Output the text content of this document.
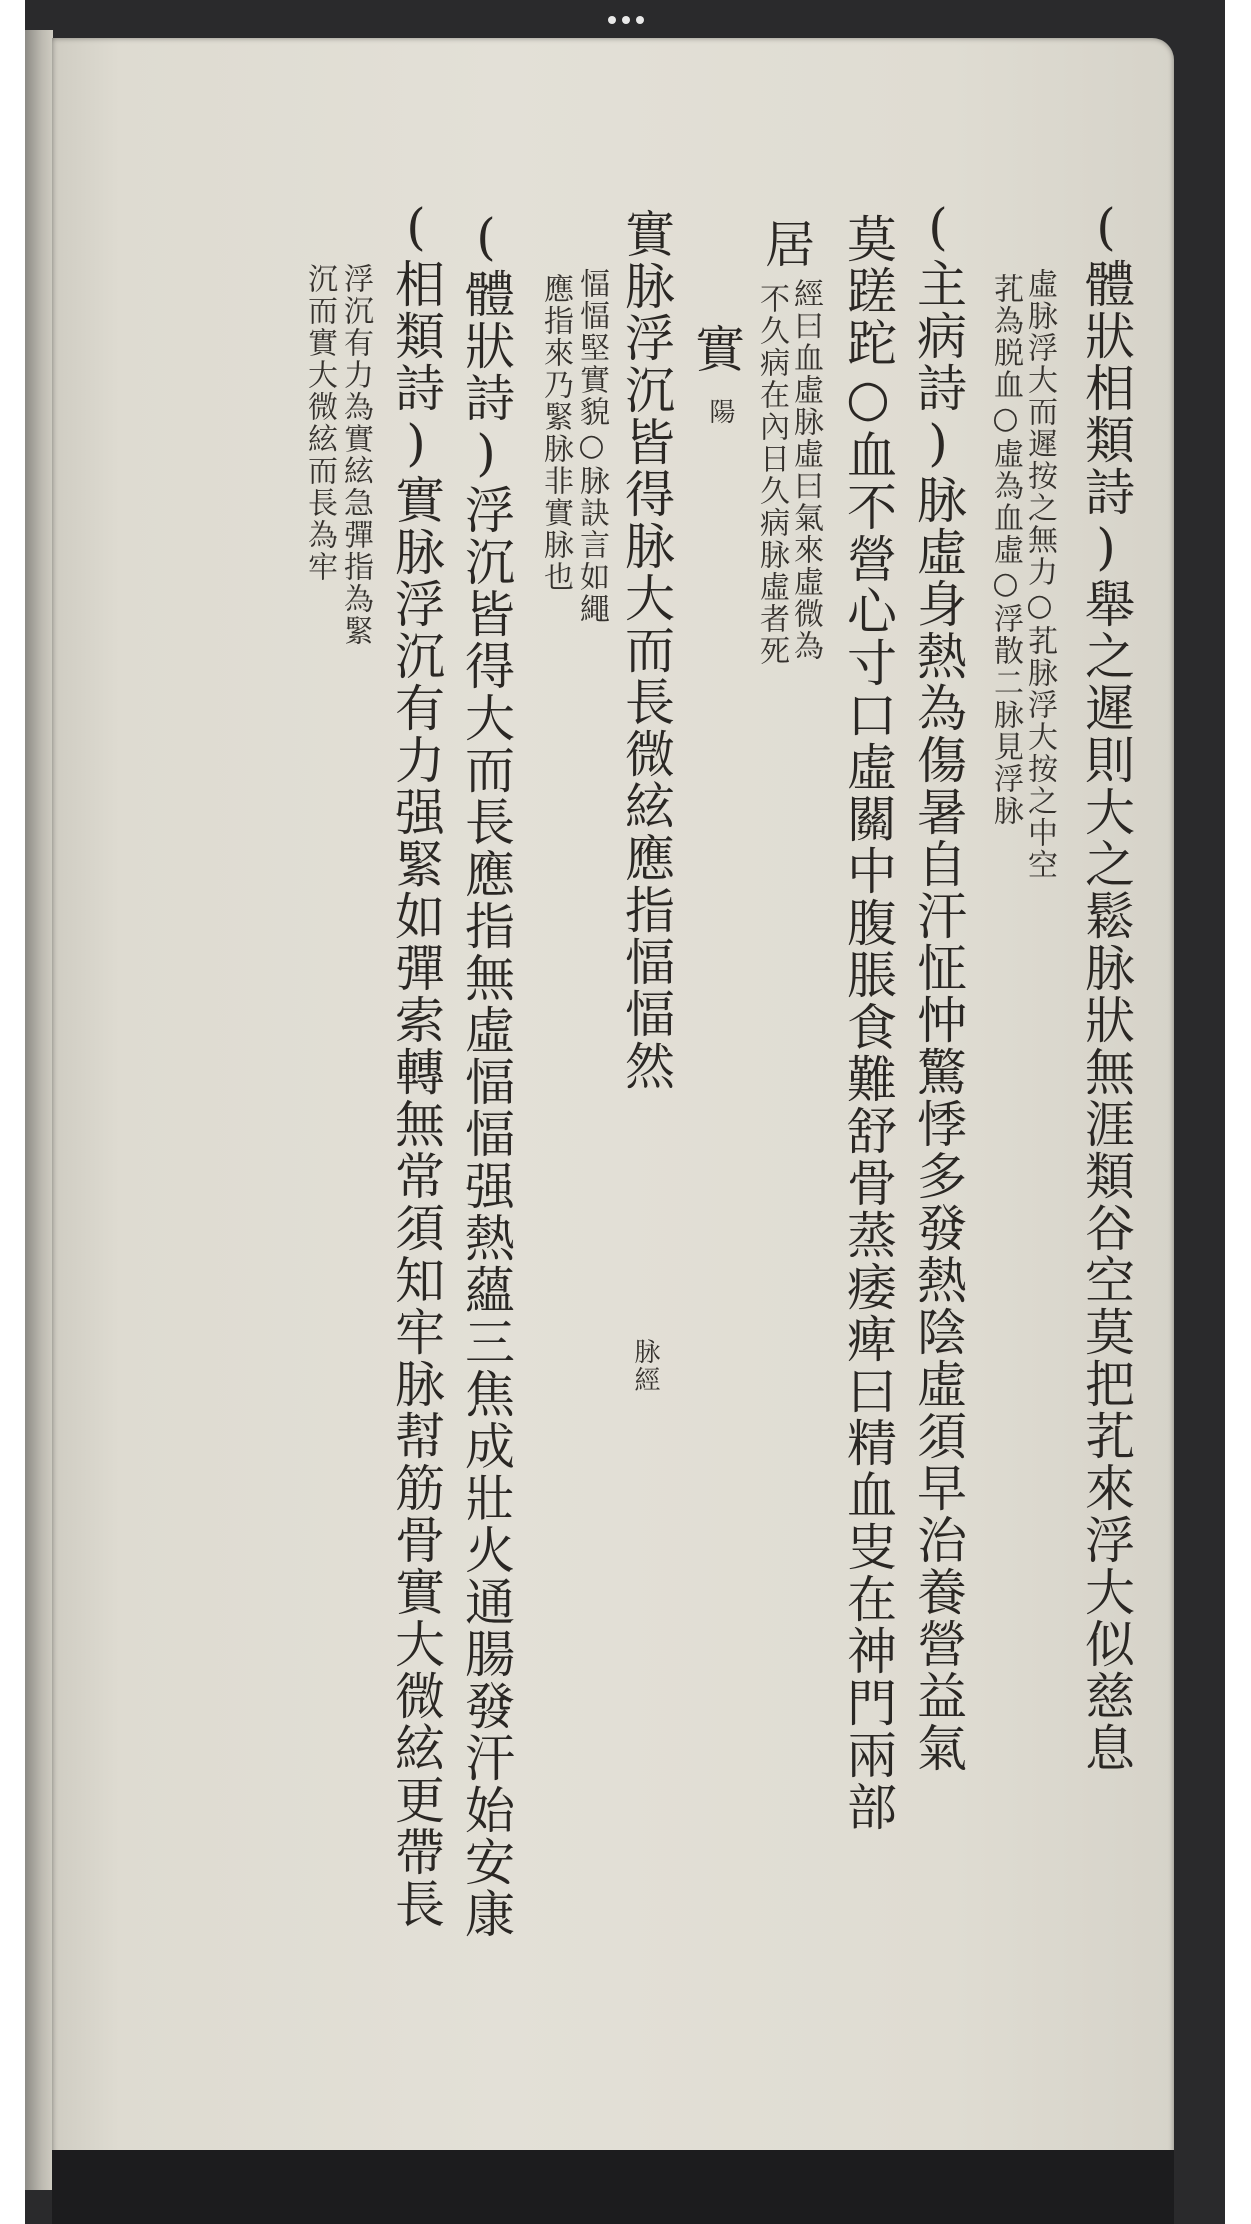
(體狀相類詩)舉之遲則大之鬆脉狀無涯類谷空莫把芤來浮大似慈息
虛脉浮大而遲按之無力○芤脉浮大按之中空
芤為脱血○虛為血虛○浮散二脉見浮脉
(主病詩)脉虛身熱為傷暑自汗怔忡驚悸多發熱陰虛須早治養營益氣
莫蹉跎○血不營心寸口虛關中腹脹食難舒骨蒸痿痺曰精血㕜在神門兩部
經曰血虛脉虛曰氣來虛微為
不久病在內日久病脉虛者死
居
實
陽
實脉浮沉皆得脉大而長微絃應指愊愊然
脉經
愊愊堅實貌○脉訣言如繩
應指來乃緊脉非實脉也
(體狀詩)浮沉皆得大而長應指無虛愊愊强熱蘊三焦成壯火通腸發汗始安康
(相類詩)實脉浮沉有力强緊如彈索轉無常須知牢脉幇筋骨實大微絃更帶長
浮沉有力為實絃急彈指為緊
沉而實大微絃而長為牢
